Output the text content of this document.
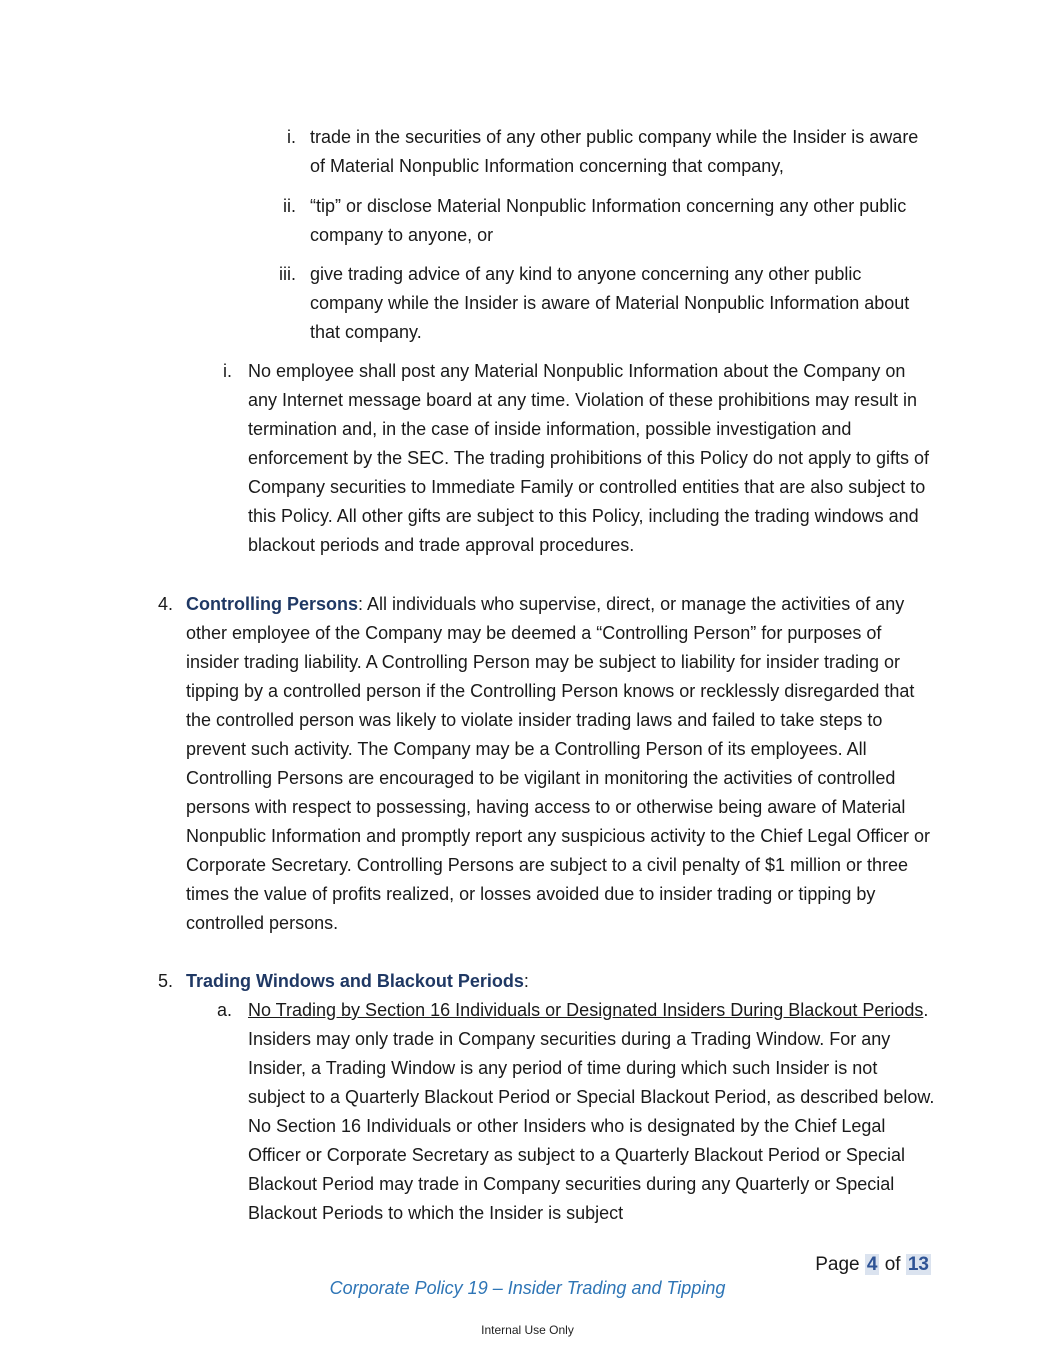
i. trade in the securities of any other public company while the Insider is aware of Material Nonpublic Information concerning that company,
ii. “tip” or disclose Material Nonpublic Information concerning any other public company to anyone, or
iii. give trading advice of any kind to anyone concerning any other public company while the Insider is aware of Material Nonpublic Information about that company.
i. No employee shall post any Material Nonpublic Information about the Company on any Internet message board at any time. Violation of these prohibitions may result in termination and, in the case of inside information, possible investigation and enforcement by the SEC. The trading prohibitions of this Policy do not apply to gifts of Company securities to Immediate Family or controlled entities that are also subject to this Policy. All other gifts are subject to this Policy, including the trading windows and blackout periods and trade approval procedures.
4. Controlling Persons: All individuals who supervise, direct, or manage the activities of any other employee of the Company may be deemed a “Controlling Person” for purposes of insider trading liability. A Controlling Person may be subject to liability for insider trading or tipping by a controlled person if the Controlling Person knows or recklessly disregarded that the controlled person was likely to violate insider trading laws and failed to take steps to prevent such activity. The Company may be a Controlling Person of its employees. All Controlling Persons are encouraged to be vigilant in monitoring the activities of controlled persons with respect to possessing, having access to or otherwise being aware of Material Nonpublic Information and promptly report any suspicious activity to the Chief Legal Officer or Corporate Secretary. Controlling Persons are subject to a civil penalty of $1 million or three times the value of profits realized, or losses avoided due to insider trading or tipping by controlled persons.
5. Trading Windows and Blackout Periods:
a. No Trading by Section 16 Individuals or Designated Insiders During Blackout Periods. Insiders may only trade in Company securities during a Trading Window. For any Insider, a Trading Window is any period of time during which such Insider is not subject to a Quarterly Blackout Period or Special Blackout Period, as described below. No Section 16 Individuals or other Insiders who is designated by the Chief Legal Officer or Corporate Secretary as subject to a Quarterly Blackout Period or Special Blackout Period may trade in Company securities during any Quarterly or Special Blackout Periods to which the Insider is subject
Page 4 of 13
Corporate Policy 19 – Insider Trading and Tipping
Internal Use Only
